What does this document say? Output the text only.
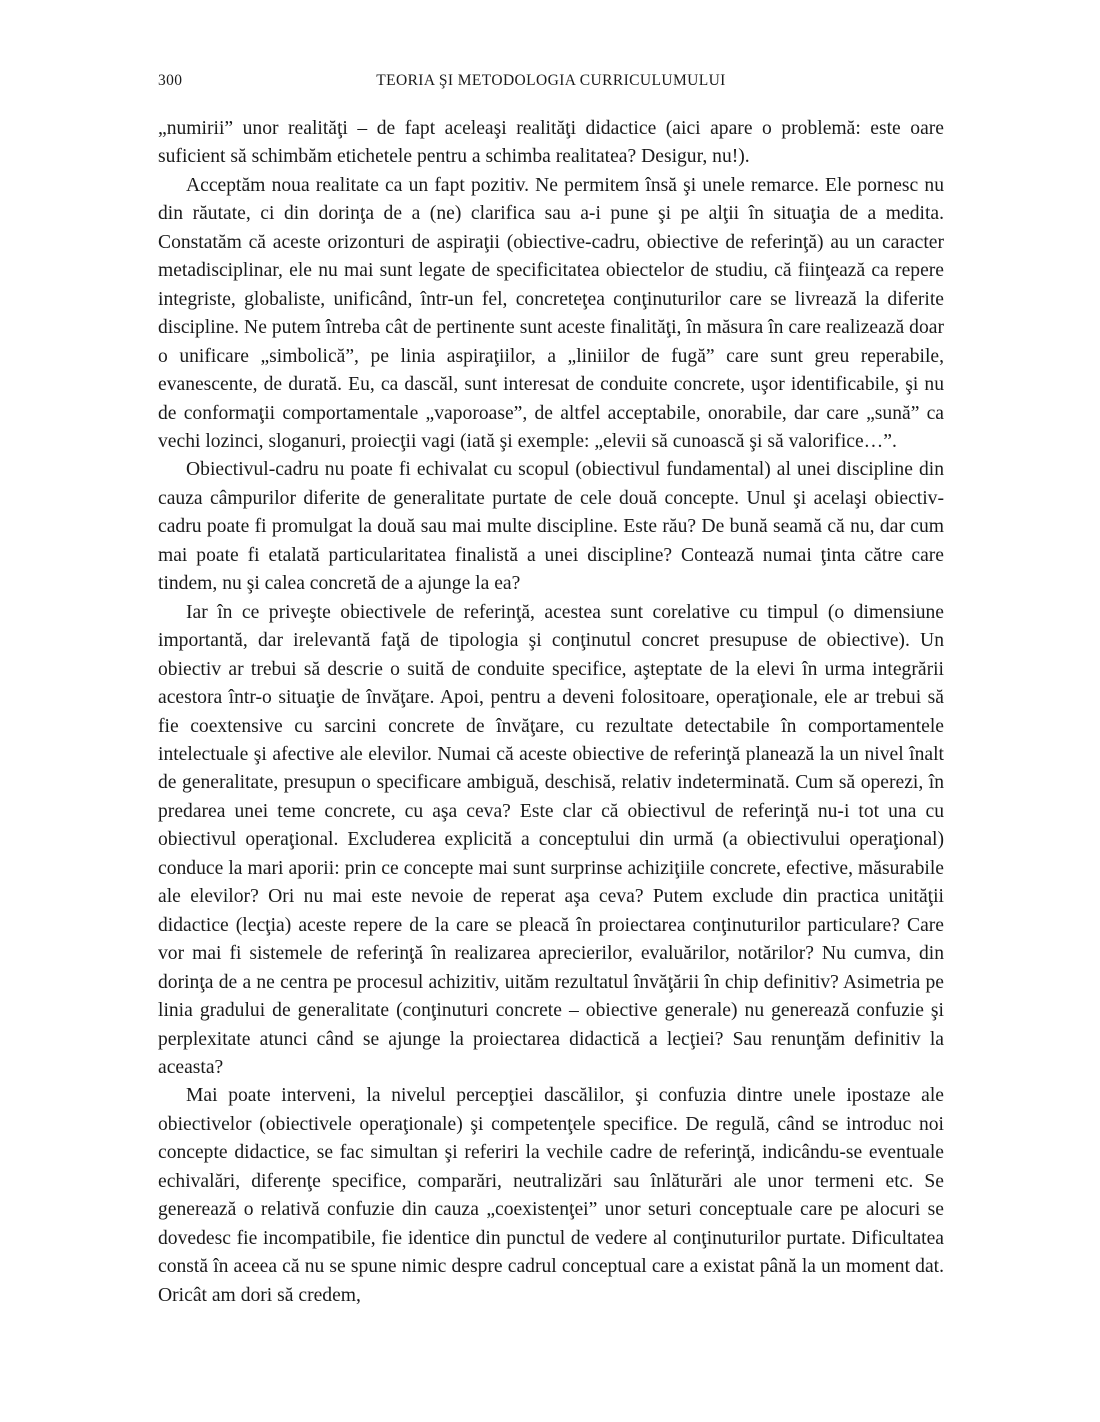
300	TEORIA ŞI METODOLOGIA CURRICULUMULUI

„numirii” unor realităţi – de fapt aceleaşi realităţi didactice (aici apare o problemă: este oare suficient să schimbăm etichetele pentru a schimba realitatea? Desigur, nu!).

Acceptăm noua realitate ca un fapt pozitiv. Ne permitem însă şi unele remarce. Ele pornesc nu din răutate, ci din dorinţa de a (ne) clarifica sau a-i pune şi pe alţii în situaţia de a medita. Constatăm că aceste orizonturi de aspiraţii (obiective-cadru, obiective de referinţă) au un caracter metadisciplinar, ele nu mai sunt legate de specificitatea obiectelor de studiu, că fiinţează ca repere integriste, globaliste, unificând, într-un fel, concreteţea conţinuturilor care se livrează la diferite discipline. Ne putem întreba cât de pertinente sunt aceste finalităţi, în măsura în care realizează doar o unificare „simbolică”, pe linia aspiraţiilor, a „liniilor de fugă” care sunt greu reperabile, evanescente, de durată. Eu, ca dascăl, sunt interesat de conduite concrete, uşor identificabile, şi nu de conformaţii comportamentale „vaporoase”, de altfel acceptabile, onorabile, dar care „sună” ca vechi lozinci, sloganuri, proiecţii vagi (iată şi exemple: „elevii să cunoască şi să valorifice…”.

Obiectivul-cadru nu poate fi echivalat cu scopul (obiectivul fundamental) al unei discipline din cauza câmpurilor diferite de generalitate purtate de cele două concepte. Unul şi acelaşi obiectiv-cadru poate fi promulgat la două sau mai multe discipline. Este rău? De bună seamă că nu, dar cum mai poate fi etalată particularitatea finalistă a unei discipline? Contează numai ţinta către care tindem, nu şi calea concretă de a ajunge la ea?

Iar în ce priveşte obiectivele de referinţă, acestea sunt corelative cu timpul (o dimensiune importantă, dar irelevantă faţă de tipologia şi conţinutul concret presupuse de obiective). Un obiectiv ar trebui să descrie o suită de conduite specifice, aşteptate de la elevi în urma integrării acestora într-o situaţie de învăţare. Apoi, pentru a deveni folositoare, operaţionale, ele ar trebui să fie coextensive cu sarcini concrete de învăţare, cu rezultate detectabile în comportamentele intelectuale şi afective ale elevilor. Numai că aceste obiective de referinţă planează la un nivel înalt de generalitate, presupun o specificare ambiguă, deschisă, relativ indeterminată. Cum să operezi, în predarea unei teme concrete, cu aşa ceva? Este clar că obiectivul de referinţă nu-i tot una cu obiectivul operaţional. Excluderea explicită a conceptului din urmă (a obiectivului operaţional) conduce la mari aporii: prin ce concepte mai sunt surprinse achiziţiile concrete, efective, măsurabile ale elevilor? Ori nu mai este nevoie de reperat aşa ceva? Putem exclude din practica unităţii didactice (lecţia) aceste repere de la care se pleacă în proiectarea conţinuturilor particulare? Care vor mai fi sistemele de referinţă în realizarea aprecierilor, evaluărilor, notărilor? Nu cumva, din dorinţa de a ne centra pe procesul achizitiv, uităm rezultatul învăţării în chip definitiv? Asimetria pe linia gradului de generalitate (conţinuturi concrete – obiective generale) nu generează confuzie şi perplexitate atunci când se ajunge la proiectarea didactică a lecţiei? Sau renunţăm definitiv la aceasta?

Mai poate interveni, la nivelul percepţiei dascălilor, şi confuzia dintre unele ipostaze ale obiectivelor (obiectivele operaţionale) şi competenţele specifice. De regulă, când se introduc noi concepte didactice, se fac simultan şi referiri la vechile cadre de referinţă, indicându-se eventuale echivalări, diferenţe specifice, comparări, neutralizări sau înlăturări ale unor termeni etc. Se generează o relativă confuzie din cauza „coexistenţei” unor seturi conceptuale care pe alocuri se dovedesc fie incompatibile, fie identice din punctul de vedere al conţinuturilor purtate. Dificultatea constă în aceea că nu se spune nimic despre cadrul conceptual care a existat până la un moment dat. Oricât am dori să credem,
